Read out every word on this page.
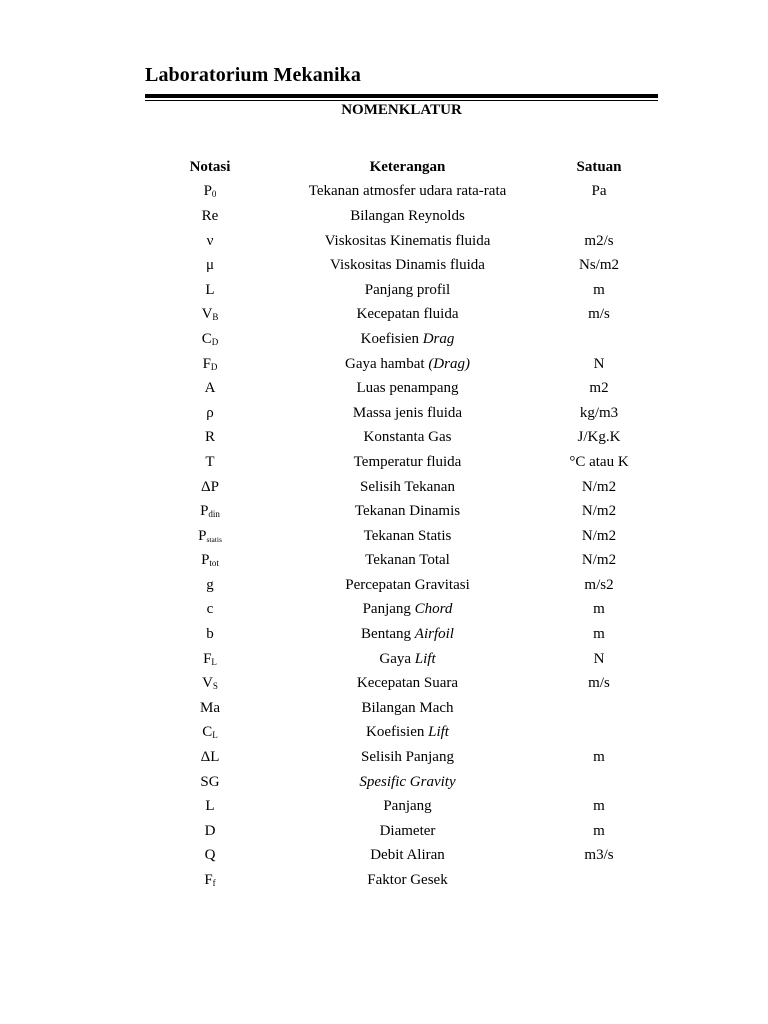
Laboratorium Mekanika
NOMENKLATUR
Notasi	Keterangan	Satuan
$P_0$	Tekanan atmosfer udara rata-rata	Pa
Re	Bilangan Reynolds	
ν	Viskositas Kinematis fluida	m2/s
μ	Viskositas Dinamis fluida	Ns/m2
L	Panjang profil	m
$V_B$	Kecepatan fluida	m/s
$C_D$	Koefisien Drag	
$F_D$	Gaya hambat (Drag)	N
A	Luas penampang	m2
ρ	Massa jenis fluida	kg/m3
R	Konstanta Gas	J/Kg.K
T	Temperatur fluida	°C atau K
ΔP	Selisih Tekanan	N/m2
$P_{din}$	Tekanan Dinamis	N/m2
$P_{statis}$	Tekanan Statis	N/m2
$P_{tot}$	Tekanan Total	N/m2
g	Percepatan Gravitasi	m/s2
c	Panjang Chord	m
b	Bentang Airfoil	m
$F_L$	Gaya Lift	N
$V_S$	Kecepatan Suara	m/s
Ma	Bilangan Mach	
$C_L$	Koefisien Lift	
ΔL	Selisih Panjang	m
SG	Spesific Gravity	
L	Panjang	m
D	Diameter	m
Q	Debit Aliran	m3/s
$F_f$	Faktor Gesek	
